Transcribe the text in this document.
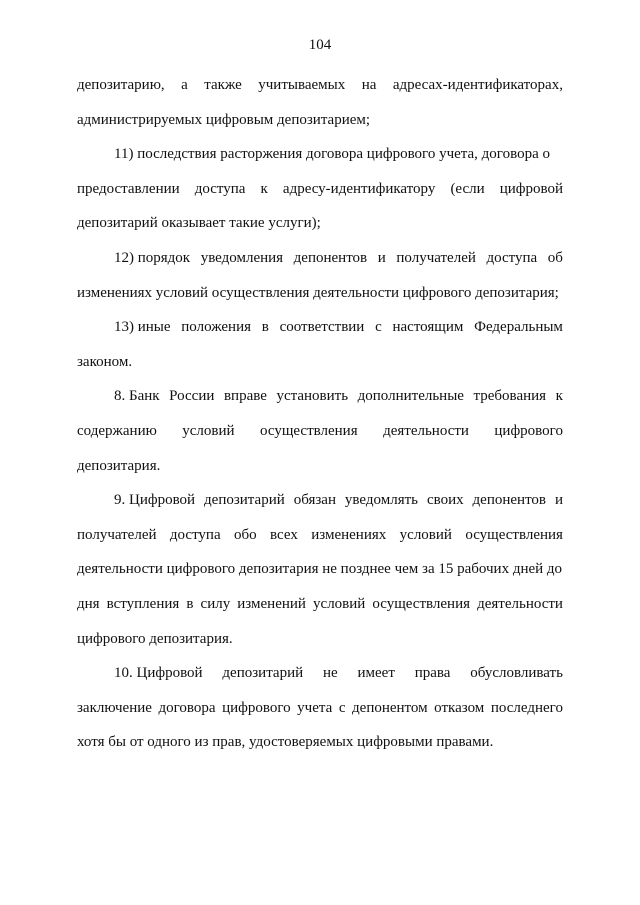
104
депозитарию, а также учитываемых на адресах-идентификаторах,
администрируемых цифровым депозитарием;
11) последствия расторжения договора цифрового учета, договора о
предоставлении доступа к адресу-идентификатору (если цифровой
депозитарий оказывает такие услуги);
12) порядок уведомления депонентов и получателей доступа об
изменениях условий осуществления деятельности цифрового депозитария;
13) иные положения в соответствии с настоящим Федеральным
законом.
8. Банк России вправе установить дополнительные требования к
содержанию условий осуществления деятельности цифрового
депозитария.
9. Цифровой депозитарий обязан уведомлять своих депонентов и
получателей доступа обо всех изменениях условий осуществления
деятельности цифрового депозитария не позднее чем за 15 рабочих дней до
дня вступления в силу изменений условий осуществления деятельности
цифрового депозитария.
10. Цифровой депозитарий не имеет права обусловливать
заключение договора цифрового учета с депонентом отказом последнего
хотя бы от одного из прав, удостоверяемых цифровыми правами.
